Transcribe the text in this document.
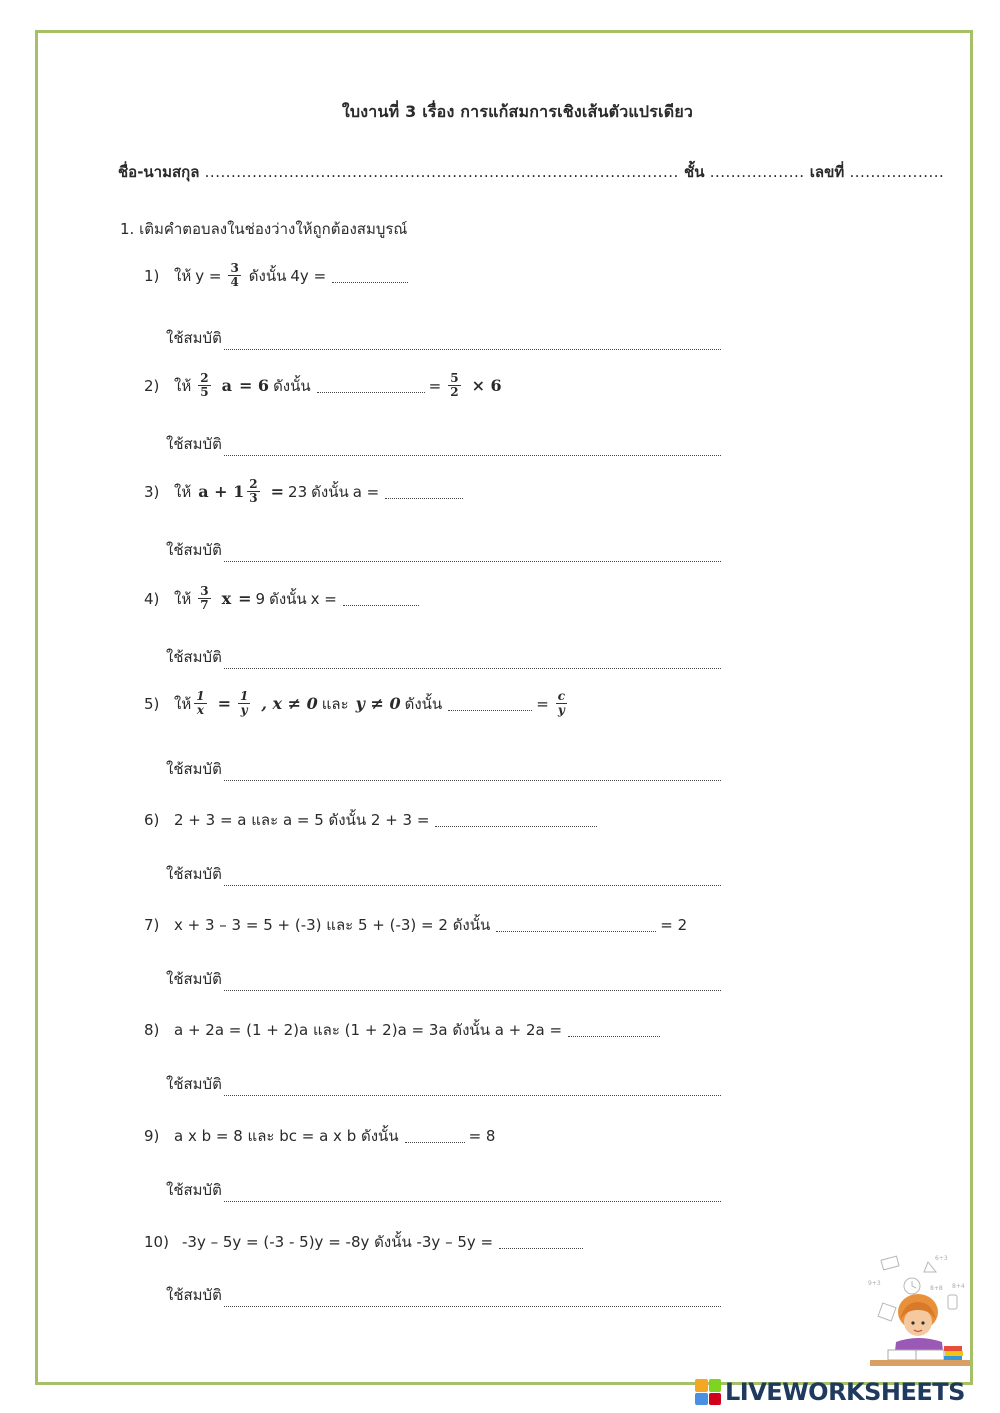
ใบงานที่ 3 เรื่อง การแก้สมการเชิงเส้นตัวแปรเดียว
ชื่อ-นามสกุล .......................................................................................... ชั้น .................. เลขที่ ..................
1. เติมคำตอบลงในช่องว่างให้ถูกต้องสมบูรณ์
1) ให้ $y = \frac{3}{4}$ ดังนั้น 4y =
ใช้สมบัติ
2) ให้ $\frac{2}{5}$ a = 6 ดังนั้น	= $\frac{5}{2} \times 6$
ใช้สมบัติ
3) ให้ $a + 1 \frac{2}{3} = 23$ ดังนั้น a =
ใช้สมบัติ
4) ให้ $\frac{3}{7}$ x = 9 ดังนั้น x =
ใช้สมบัติ
5) ให้ $\frac{1}{x} = \frac{1}{y}$ , x ≠ 0 และ y ≠ 0 ดังนั้น	= $\frac{c}{y}$
ใช้สมบัติ
6) 2 + 3 = a และ a = 5 ดังนั้น 2 + 3 =
ใช้สมบัติ
7) x + 3 – 3 = 5 + (-3) และ 5 + (-3) = 2 ดังนั้น	= 2
ใช้สมบัติ
8) a + 2a = (1 + 2)a และ (1 + 2)a = 3a ดังนั้น a + 2a =
ใช้สมบัติ
9) a x b = 8 และ bc = a x b ดังนั้น	= 8
ใช้สมบัติ
10) -3y – 5y = (-3 - 5)y = -8y ดังนั้น -3y – 5y =
ใช้สมบัติ
6÷3
9+3
8+8 8+4
LIVEWORKSHEETS
